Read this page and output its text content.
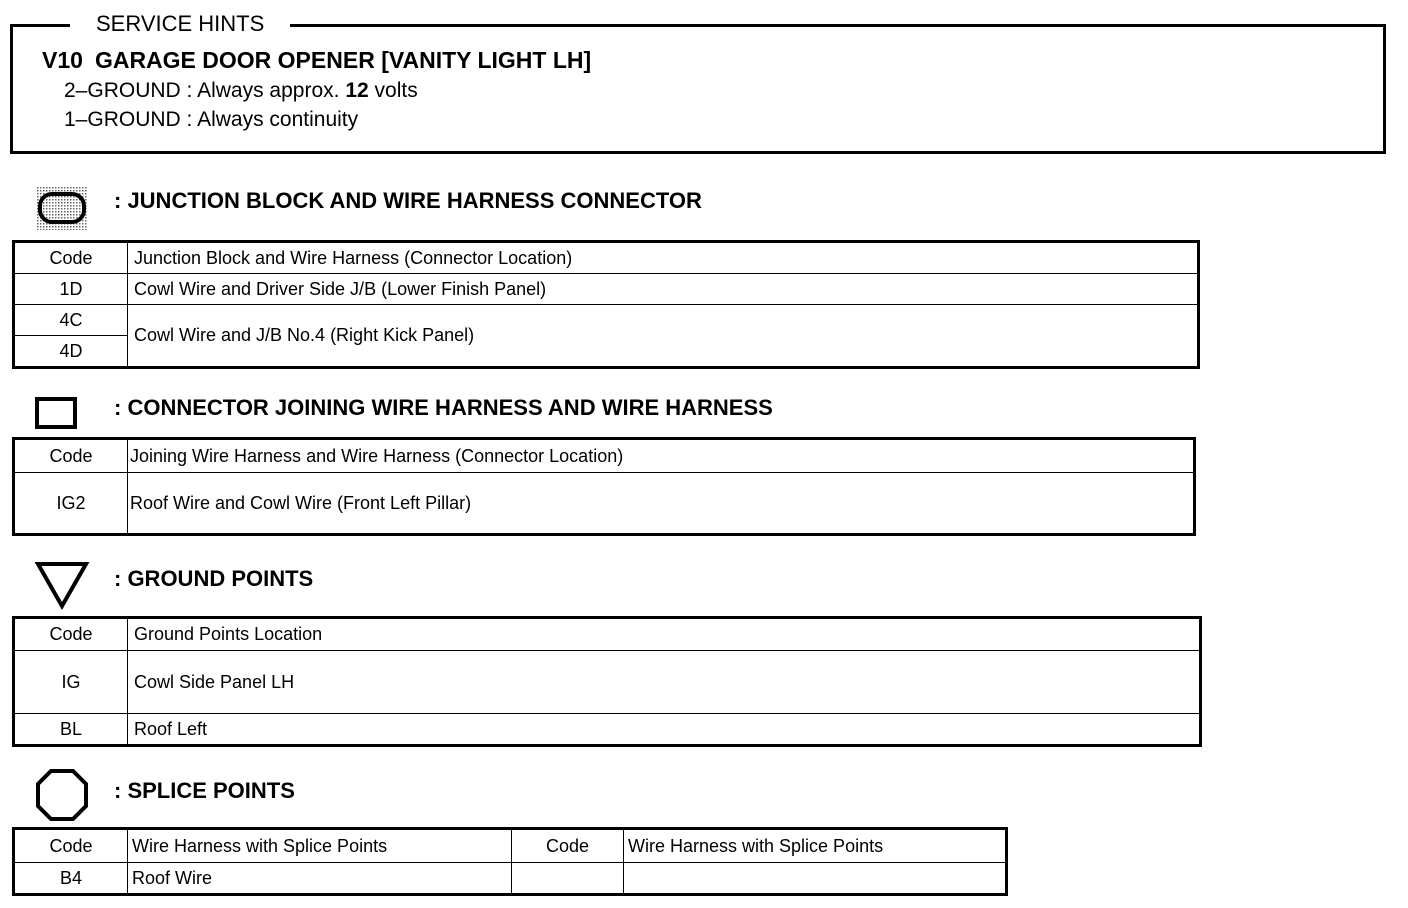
SERVICE HINTS
V10 GARAGE DOOR OPENER [VANITY LIGHT LH]
2–GROUND : Always approx. 12 volts
1–GROUND : Always continuity
: JUNCTION BLOCK AND WIRE HARNESS CONNECTOR
Code	Junction Block and Wire Harness (Connector Location)
1D	Cowl Wire and Driver Side J/B (Lower Finish Panel)
4C	Cowl Wire and J/B No.4 (Right Kick Panel)
4D	
: CONNECTOR JOINING WIRE HARNESS AND WIRE HARNESS
Code	Joining Wire Harness and Wire Harness (Connector Location)
IG2	Roof Wire and Cowl Wire (Front Left Pillar)
: GROUND POINTS
Code	Ground Points Location
IG	Cowl Side Panel LH
BL	Roof Left
: SPLICE POINTS
Code	Wire Harness with Splice Points	Code	Wire Harness with Splice Points
B4	Roof Wire		
